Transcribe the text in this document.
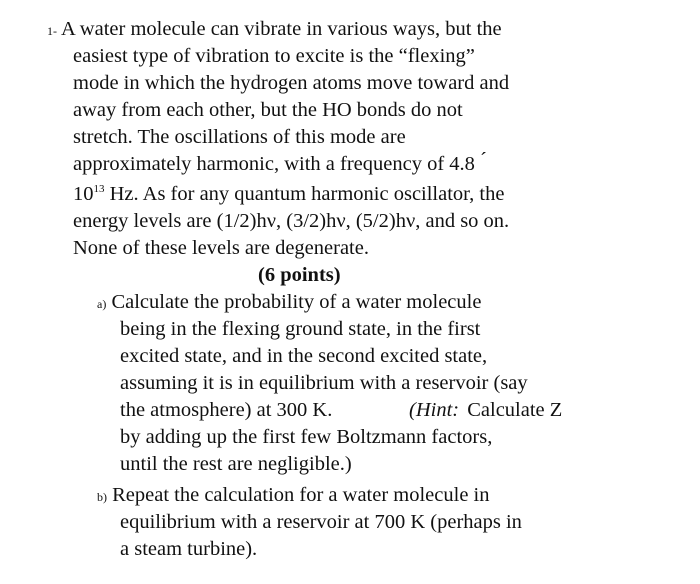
1- A water molecule can vibrate in various ways, but the
easiest type of vibration to excite is the “flexing”
mode in which the hydrogen atoms move toward and
away from each other, but the HO bonds do not
stretch. The oscillations of this mode are
approximately harmonic, with a frequency of 4.8 ´
$10^{13}$ Hz. As for any quantum harmonic oscillator, the
energy levels are (1/2)hν, (3/2)hν, (5/2)hν, and so on.
None of these levels are degenerate.
(6 points)
a) Calculate the probability of a water molecule
being in the flexing ground state, in the first
excited state, and in the second excited state,
assuming it is in equilibrium with a reservoir (say
the atmosphere) at 300 K.	(Hint: Calculate Z
by adding up the first few Boltzmann factors,
until the rest are negligible.)
b) Repeat the calculation for a water molecule in
equilibrium with a reservoir at 700 K (perhaps in
a steam turbine).
